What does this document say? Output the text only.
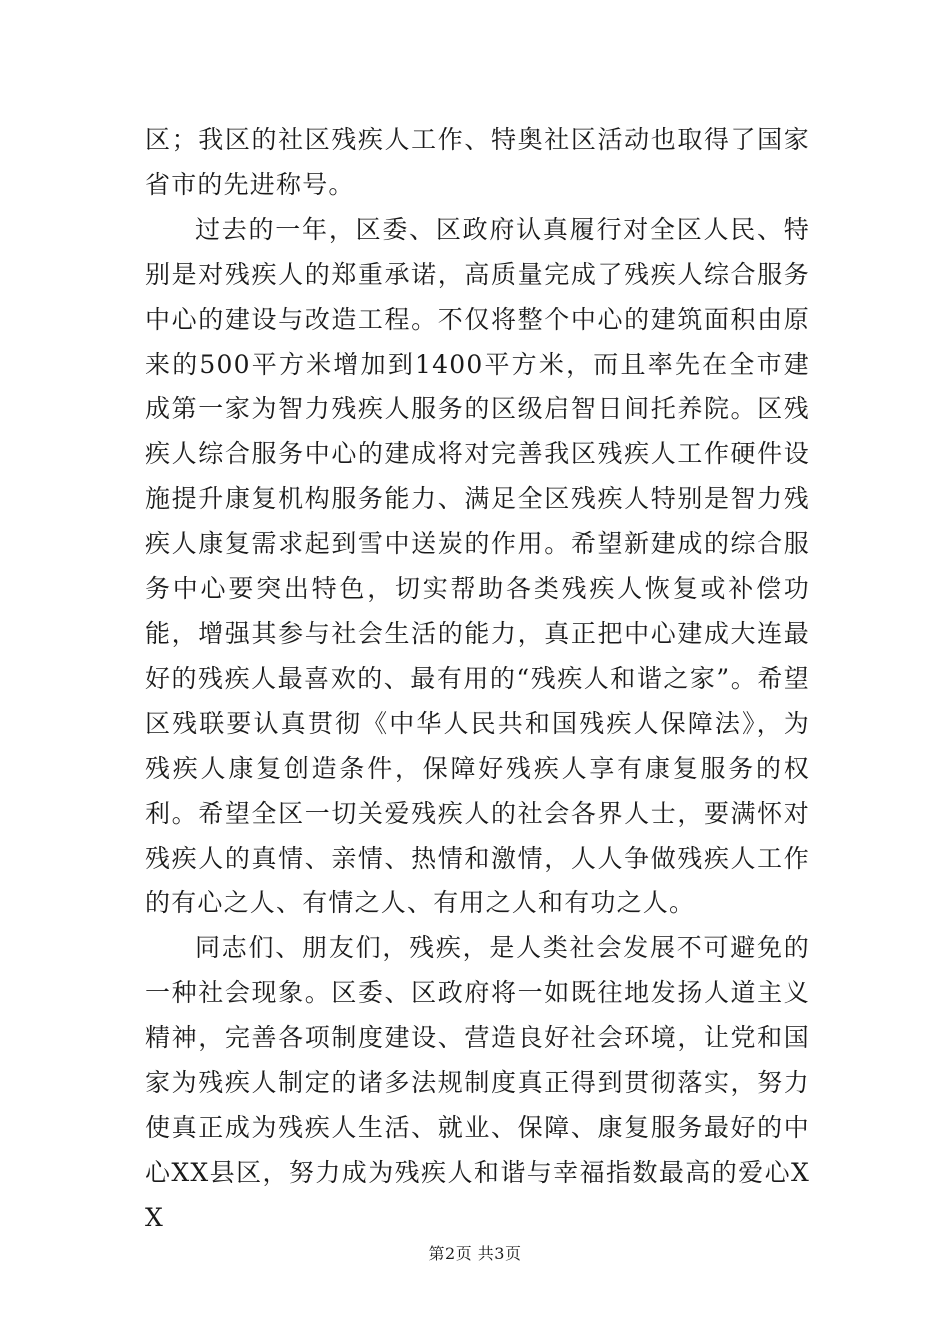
区；我区的社区残疾人工作、特奥社区活动也取得了国家省市的先进称号。

过去的一年，区委、区政府认真履行对全区人民、特别是对残疾人的郑重承诺，高质量完成了残疾人综合服务中心的建设与改造工程。不仅将整个中心的建筑面积由原来的500平方米增加到1400平方米，而且率先在全市建成第一家为智力残疾人服务的区级启智日间托养院。区残疾人综合服务中心的建成将对完善我区残疾人工作硬件设施提升康复机构服务能力、满足全区残疾人特别是智力残疾人康复需求起到雪中送炭的作用。希望新建成的综合服务中心要突出特色，切实帮助各类残疾人恢复或补偿功能，增强其参与社会生活的能力，真正把中心建成大连最好的残疾人最喜欢的、最有用的“残疾人和谐之家”。希望区残联要认真贯彻《中华人民共和国残疾人保障法》，为残疾人康复创造条件，保障好残疾人享有康复服务的权利。希望全区一切关爱残疾人的社会各界人士，要满怀对残疾人的真情、亲情、热情和激情，人人争做残疾人工作的有心之人、有情之人、有用之人和有功之人。

同志们、朋友们，残疾，是人类社会发展不可避免的一种社会现象。区委、区政府将一如既往地发扬人道主义精神，完善各项制度建设、营造良好社会环境，让党和国家为残疾人制定的诸多法规制度真正得到贯彻落实，努力使真正成为残疾人生活、就业、保障、康复服务最好的中心XX县区，努力成为残疾人和谐与幸福指数最高的爱心XX

第2页 共3页
